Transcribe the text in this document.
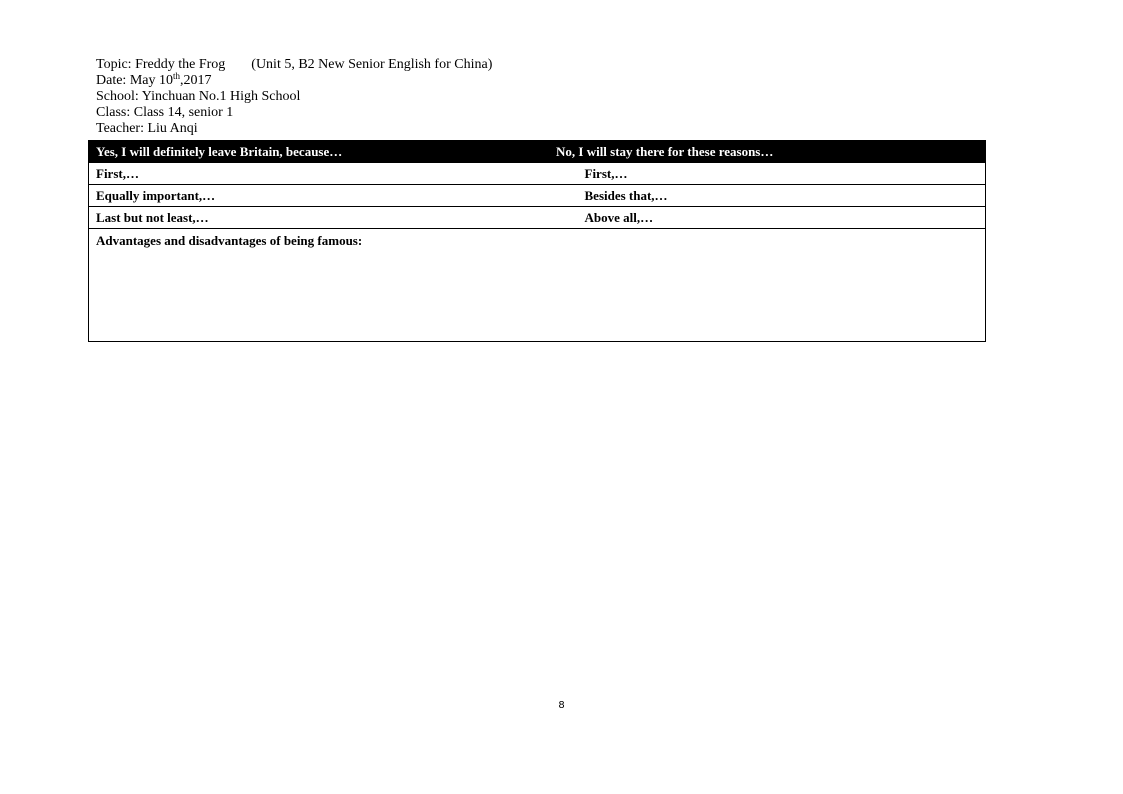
Topic: Freddy the Frog (Unit 5, B2 New Senior English for China)
Date: May 10th,2017
School: Yinchuan No.1 High School
Class: Class 14, senior 1
Teacher: Liu Anqi
Yes, I will definitely leave Britain, because…	No, I will stay there for these reasons…
First,…	First,…
Equally important,…	Besides that,…
Last but not least,…	Above all,…
Advantages and disadvantages of being famous:	
8
